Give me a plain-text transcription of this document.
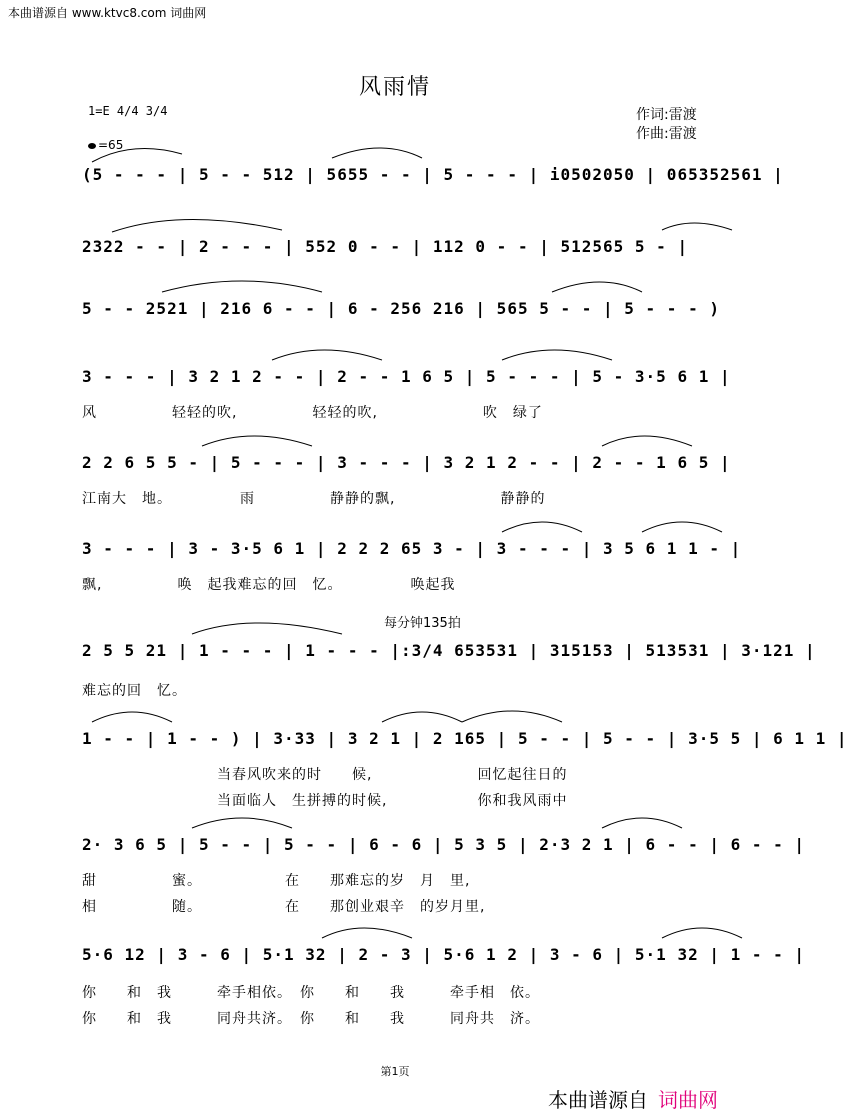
本曲谱源自 www.ktvc8.com 词曲网
风雨情
作词:雷渡
作曲:雷渡
1=E 4/4 3/4
=65
(5 - - - | 5 - - 512 | 5655 - - | 5 - - - | i0502050 | 065352561 |
2322 - - | 2 - - - | 552 0 - - | 112 0 - - | 512565 5 - |
5 - - 2521 | 216 6 - - | 6 - 256 216 | 565 5 - - | 5 - - - )
3 - - - | 3 2 1 2 - - | 2 - - 1 6 5 | 5 - - - | 5 - 3·5 6 1 |
风　　　　　轻轻的吹,　　　　　轻轻的吹,　　　　　　　吹　绿了
2 2 6 5 5 - | 5 - - - | 3 - - - | 3 2 1 2 - - | 2 - - 1 6 5 |
江南大　地。　　　　　雨　　　　　静静的飘,　　　　　　　静静的
3 - - - | 3 - 3·5 6 1 | 2 2 2 65 3 - | 3 - - - | 3 5 6 1 1 - |
飘,　　　　　唤　起我难忘的回　忆。　　　　　唤起我
每分钟135拍
2 5 5 21 | 1 - - - | 1 - - - |:3/4 653531 | 315153 | 513531 | 3·121 |
难忘的回　忆。
1 - - | 1 - - ) | 3·33 | 3 2 1 | 2 165 | 5 - - | 5 - - | 3·5 5 | 6 1 1 |
　　　　　　　　　当春风吹来的时　　候,　　　　　　　回忆起往日的
　　　　　　　　　当面临人　生拼搏的时候,　　　　　　你和我风雨中
2· 3 6 5 | 5 - - | 5 - - | 6 - 6 | 5 3 5 | 2·3 2 1 | 6 - - | 6 - - |
甜　　　　　蜜。　　　　　　在　　那难忘的岁　月　里,
相　　　　　随。　　　　　　在　　那创业艰辛　的岁月里,
5·6 12 | 3 - 6 | 5·1 32 | 2 - 3 | 5·6 1 2 | 3 - 6 | 5·1 32 | 1 - - |
你　　和　我　　　牵手相依。　你　　和　　我　　　牵手相　依。
你　　和　我　　　同舟共济。　你　　和　　我　　　同舟共　济。
第1页
本曲谱源自 词曲网
